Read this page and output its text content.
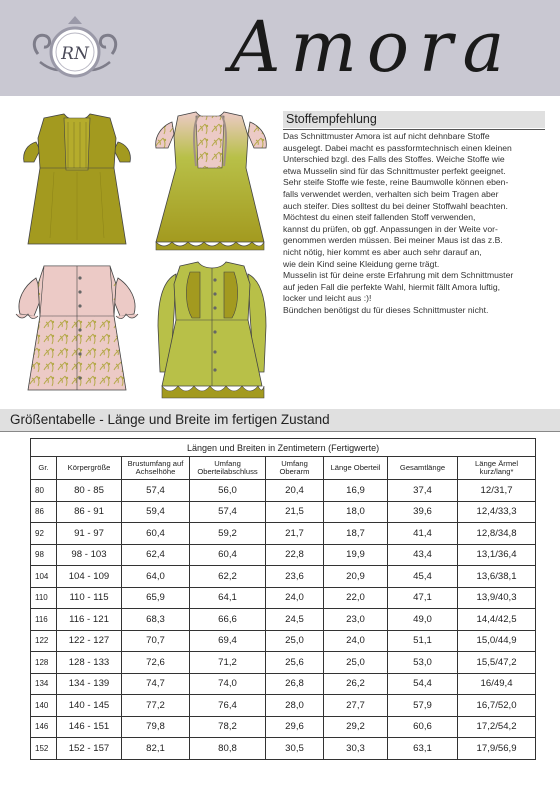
RN Amora
Stoffempfehlung

Das Schnittmuster Amora ist auf nicht dehnbare Stoffe
ausgelegt. Dabei macht es passformtechnisch einen kleinen
Unterschied bzgl. des Falls des Stoffes. Weiche Stoffe wie
etwa Musselin sind für das Schnittmuster perfekt geeignet.
Sehr steife Stoffe wie feste, reine Baumwolle können eben-
falls verwendet werden, verhalten sich beim Tragen aber
auch steifer. Dies solltest du bei deiner Stoffwahl beachten.
Möchtest du einen steif fallenden Stoff verwenden,
kannst du prüfen, ob ggf. Anpassungen in der Weite vor-
genommen werden müssen. Bei meiner Maus ist das z.B.
nicht nötig, hier kommt es aber auch sehr darauf an,
wie dein Kind seine Kleidung gerne trägt.
Musselin ist für deine erste Erfahrung mit dem Schnittmuster
auf jeden Fall die perfekte Wahl, hiermit fällt Amora luftig,
locker und leicht aus :)!
Bündchen benötigst du für dieses Schnittmuster nicht.

Größentabelle - Länge und Breite im fertigen Zustand
Längen und Breiten in Zentimetern (Fertigwerte)							
Gr.	Körpergröße	Brustumfang auf Achselhöhe	Umfang Oberteilabschluss	Umfang Oberarm	Länge Oberteil	Gesamtlänge	Länge Ärmel kurz/lang*
80	80 - 85	57,4	56,0	20,4	16,9	37,4	12/31,7
86	86 - 91	59,4	57,4	21,5	18,0	39,6	12,4/33,3
92	91 - 97	60,4	59,2	21,7	18,7	41,4	12,8/34,8
98	98 - 103	62,4	60,4	22,8	19,9	43,4	13,1/36,4
104	104 - 109	64,0	62,2	23,6	20,9	45,4	13,6/38,1
110	110 - 115	65,9	64,1	24,0	22,0	47,1	13,9/40,3
116	116 - 121	68,3	66,6	24,5	23,0	49,0	14,4/42,5
122	122 - 127	70,7	69,4	25,0	24,0	51,1	15,0/44,9
128	128 - 133	72,6	71,2	25,6	25,0	53,0	15,5/47,2
134	134 - 139	74,7	74,0	26,8	26,2	54,4	16/49,4
140	140 - 145	77,2	76,4	28,0	27,7	57,9	16,7/52,0
146	146 - 151	79,8	78,2	29,6	29,2	60,6	17,2/54,2
152	152 - 157	82,1	80,8	30,5	30,3	63,1	17,9/56,9
